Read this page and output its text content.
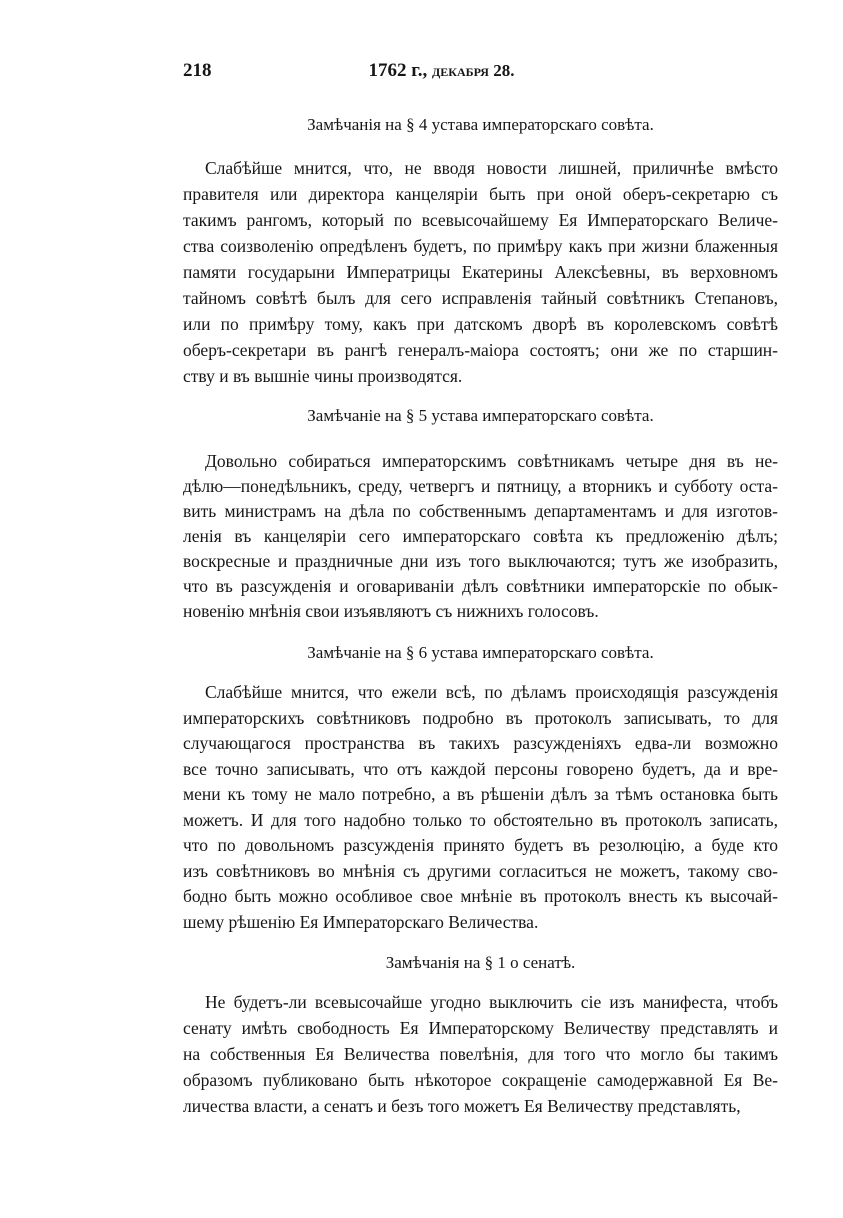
218	1762 г., декабря 28.
Замѣчанія на § 4 устава императорскаго совѣта.
Слабѣйше мнится, что, не вводя новости лишней, приличнѣе вмѣсто
правителя или директора канцеляріи быть при оной оберъ-секретарю съ
такимъ рангомъ, который по всевысочайшему Ея Императорскаго Величе-
ства соизволенію опредѣленъ будетъ, по примѣру какъ при жизни блаженныя
памяти государыни Императрицы Екатерины Алексѣевны, въ верховномъ
тайномъ совѣтѣ былъ для сего исправленія тайный совѣтникъ Степановъ,
или по примѣру тому, какъ при датскомъ дворѣ въ королевскомъ совѣтѣ
оберъ-секретари въ рангѣ генералъ-маіора состоятъ; они же по старшин-
ству и въ вышніе чины производятся.
Замѣчаніе на § 5 устава императорскаго совѣта.
Довольно собираться императорскимъ совѣтникамъ четыре дня въ не-
дѣлю—понедѣльникъ, среду, четвергъ и пятницу, а вторникъ и субботу оста-
вить министрамъ на дѣла по собственнымъ департаментамъ и для изготов-
ленія въ канцеляріи сего императорскаго совѣта къ предложенію дѣлъ;
воскресные и праздничные дни изъ того выключаются; тутъ же изобразить,
что въ разсужденія и оговариваніи дѣлъ совѣтники императорскіе по обык-
новенію мнѣнія свои изъявляютъ съ нижнихъ голосовъ.
Замѣчаніе на § 6 устава императорскаго совѣта.
Слабѣйше мнится, что ежели всѣ, по дѣламъ происходящія разсужденія
императорскихъ совѣтниковъ подробно въ протоколъ записывать, то для
случающагося пространства въ такихъ разсужденіяхъ едва-ли возможно
все точно записывать, что отъ каждой персоны говорено будетъ, да и вре-
мени къ тому не мало потребно, а въ рѣшеніи дѣлъ за тѣмъ остановка быть
можетъ. И для того надобно только то обстоятельно въ протоколъ записать,
что по довольномъ разсужденія принято будетъ въ резолюцію, а буде кто
изъ совѣтниковъ во мнѣнія съ другими согласиться не можетъ, такому сво-
бодно быть можно особливое свое мнѣніе въ протоколъ внесть къ высочай-
шему рѣшенію Ея Императорскаго Величества.
Замѣчанія на § 1 о сенатѣ.
Не будетъ-ли всевысочайше угодно выключить сіе изъ манифеста, чтобъ
сенату имѣть свободность Ея Императорскому Величеству представлять и
на собственныя Ея Величества повелѣнія, для того что могло бы такимъ
образомъ публиковано быть нѣкоторое сокращеніе самодержавной Ея Ве-
личества власти, а сенатъ и безъ того можетъ Ея Величеству представлять,
